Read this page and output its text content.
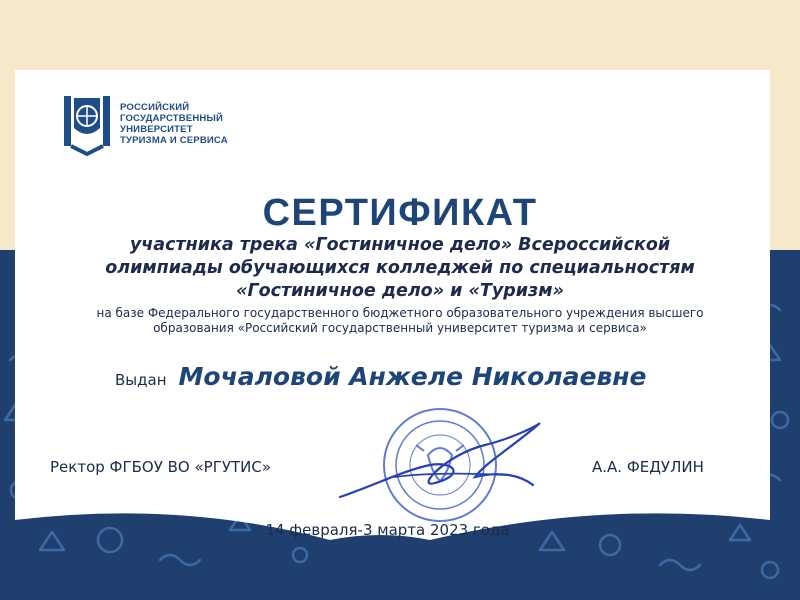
РОССИЙСКИЙ
ГОСУДАРСТВЕННЫЙ
УНИВЕРСИТЕТ
ТУРИЗМА И СЕРВИСА
СЕРТИФИКАТ
участника трека «Гостиничное дело» Всероссийской
олимпиады обучающихся колледжей по специальностям
«Гостиничное дело» и «Туризм»
на базе Федерального государственного бюджетного образовательного учреждения высшего
образования «Российский государственный университет туризма и сервиса»
Выдан Мочаловой Анжеле Николаевне
Ректор ФГБОУ ВО «РГУТИС»	А.А. ФЕДУЛИН
14 февраля-3 марта 2023 года
